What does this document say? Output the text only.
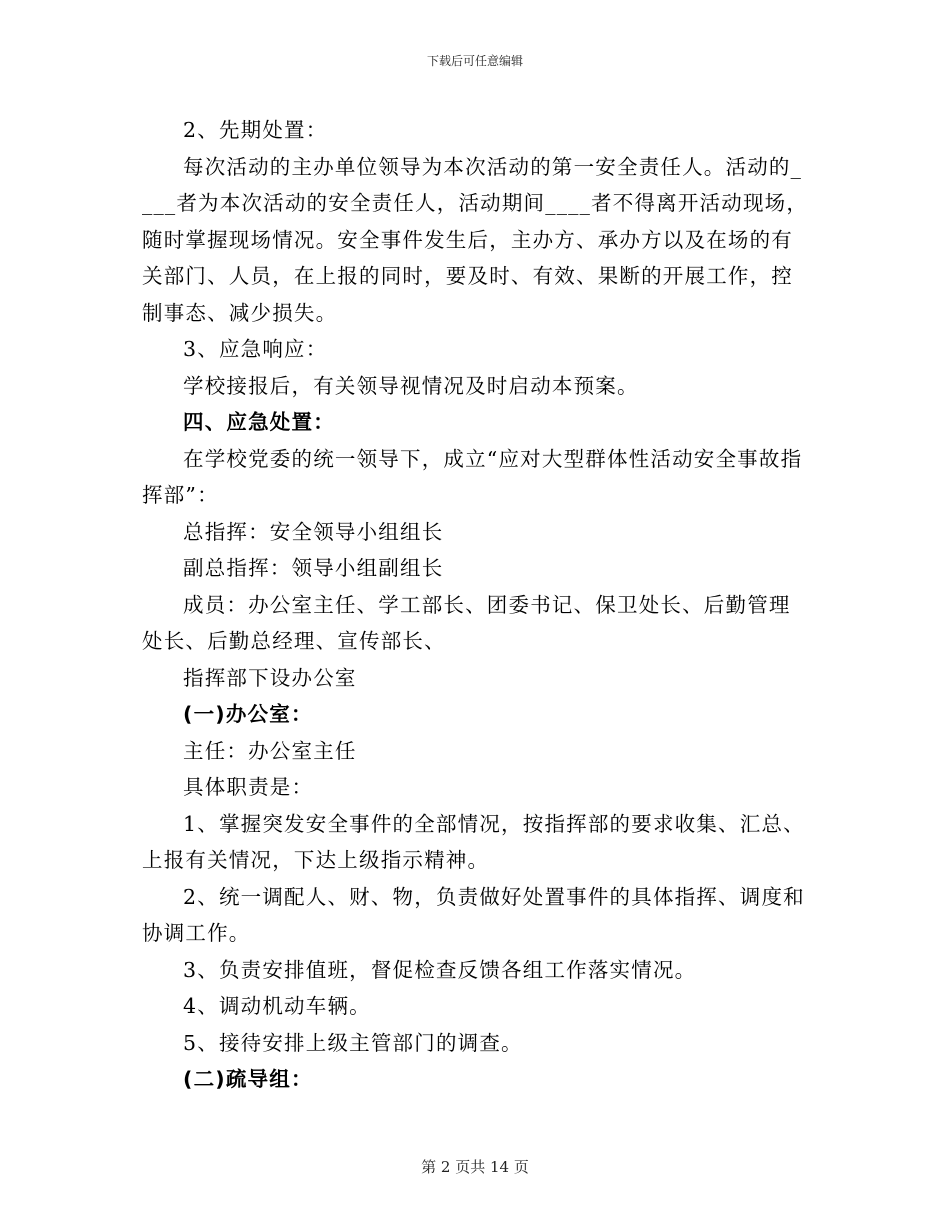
下载后可任意编辑

2、先期处置：

每次活动的主办单位领导为本次活动的第一安全责任人。活动的____者为本次活动的安全责任人，活动期间____者不得离开活动现场，随时掌握现场情况。安全事件发生后，主办方、承办方以及在场的有关部门、人员，在上报的同时，要及时、有效、果断的开展工作，控制事态、减少损失。

3、应急响应：

学校接报后，有关领导视情况及时启动本预案。

四、应急处置：

在学校党委的统一领导下，成立“应对大型群体性活动安全事故指挥部”：

总指挥：安全领导小组组长

副总指挥：领导小组副组长

成员：办公室主任、学工部长、团委书记、保卫处长、后勤管理处长、后勤总经理、宣传部长、

指挥部下设办公室

(一)办公室：

主任：办公室主任

具体职责是：

1、掌握突发安全事件的全部情况，按指挥部的要求收集、汇总、上报有关情况，下达上级指示精神。

2、统一调配人、财、物，负责做好处置事件的具体指挥、调度和协调工作。

3、负责安排值班，督促检查反馈各组工作落实情况。

4、调动机动车辆。

5、接待安排上级主管部门的调查。

(二)疏导组：

第 2 页共 14 页
